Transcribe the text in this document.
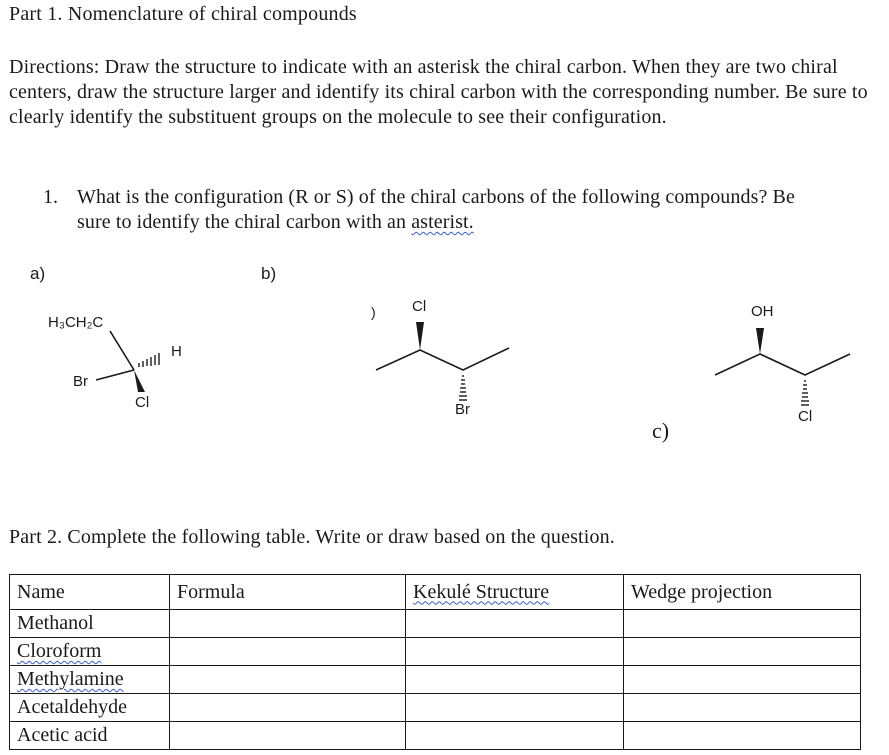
Part 1. Nomenclature of chiral compounds
Directions: Draw the structure to indicate with an asterisk the chiral carbon. When they are two chiral centers, draw the structure larger and identify its chiral carbon with the corresponding number. Be sure to clearly identify the substituent groups on the molecule to see their configuration.
1. What is the configuration (R or S) of the chiral carbons of the following compounds? Be sure to identify the chiral carbon with an asterist.
a)	b)
c)
H₃CH₂C
H
Br
Cl
) Cl
Br
OH
Cl
Part 2. Complete the following table. Write or draw based on the question.
Name	Formula	Kekulé Structure	Wedge projection
Methanol			
Cloroform			
Methylamine			
Acetaldehyde			
Acetic acid			
